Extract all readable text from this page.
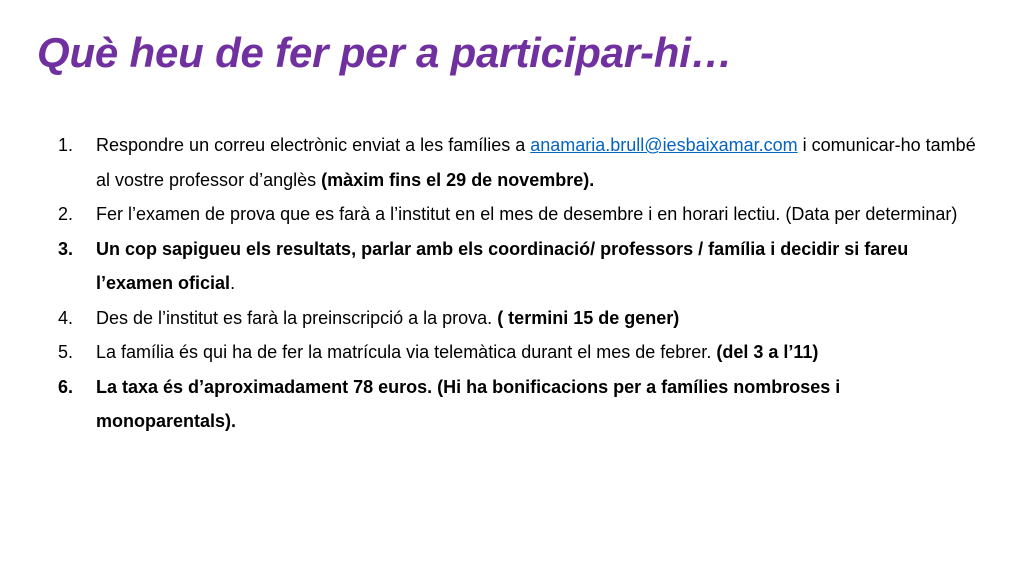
Què heu de fer per a participar-hi…
1.	Respondre un correu electrònic enviat a les famílies a anamaria.brull@iesbaixamar.com i comunicar-ho també al vostre professor d’anglès (màxim fins el 29 de novembre).
2.	Fer l’examen de prova que es farà a l’institut en el mes de desembre i en horari lectiu. (Data per determinar)
3.	Un cop sapigueu els resultats, parlar amb els coordinació/ professors / família i decidir si fareu l’examen oficial.
4.	Des de l’institut es farà la preinscripció a la prova. ( termini 15 de gener)
5.	La família és qui ha de fer la matrícula via telemàtica durant el mes de febrer. (del 3 a l’11)
6.	La taxa és d’aproximadament 78 euros. (Hi ha bonificacions per a famílies nombroses i monoparentals).
